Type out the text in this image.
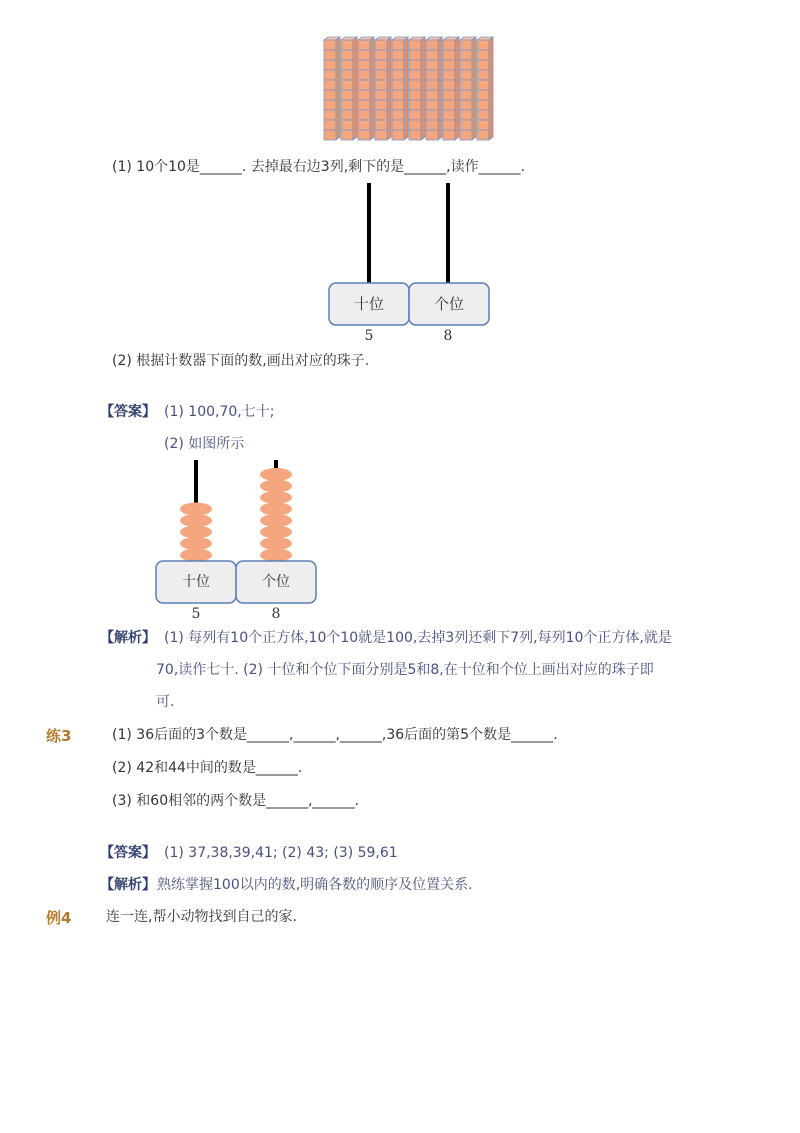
(1) 10个10是______. 去掉最右边3列,剩下的是______,读作______.
十位	个位
5	8
(2) 根据计数器下面的数,画出对应的珠子.
【答案】 (1) 100,70,七十;
(2) 如图所示
十位	个位
5	8
【解析】 (1) 每列有10个正方体,10个10就是100,去掉3列还剩下7列,每列10个正方体,就是
70,读作七十. (2) 十位和个位下面分别是5和8,在十位和个位上画出对应的珠子即
可.
练3	(1) 36后面的3个数是______,______,______,36后面的第5个数是______.
(2) 42和44中间的数是______.
(3) 和60相邻的两个数是______,______.
【答案】 (1) 37,38,39,41; (2) 43; (3) 59,61
【解析】 熟练掌握100以内的数,明确各数的顺序及位置关系.
例4 连一连,帮小动物找到自己的家.
